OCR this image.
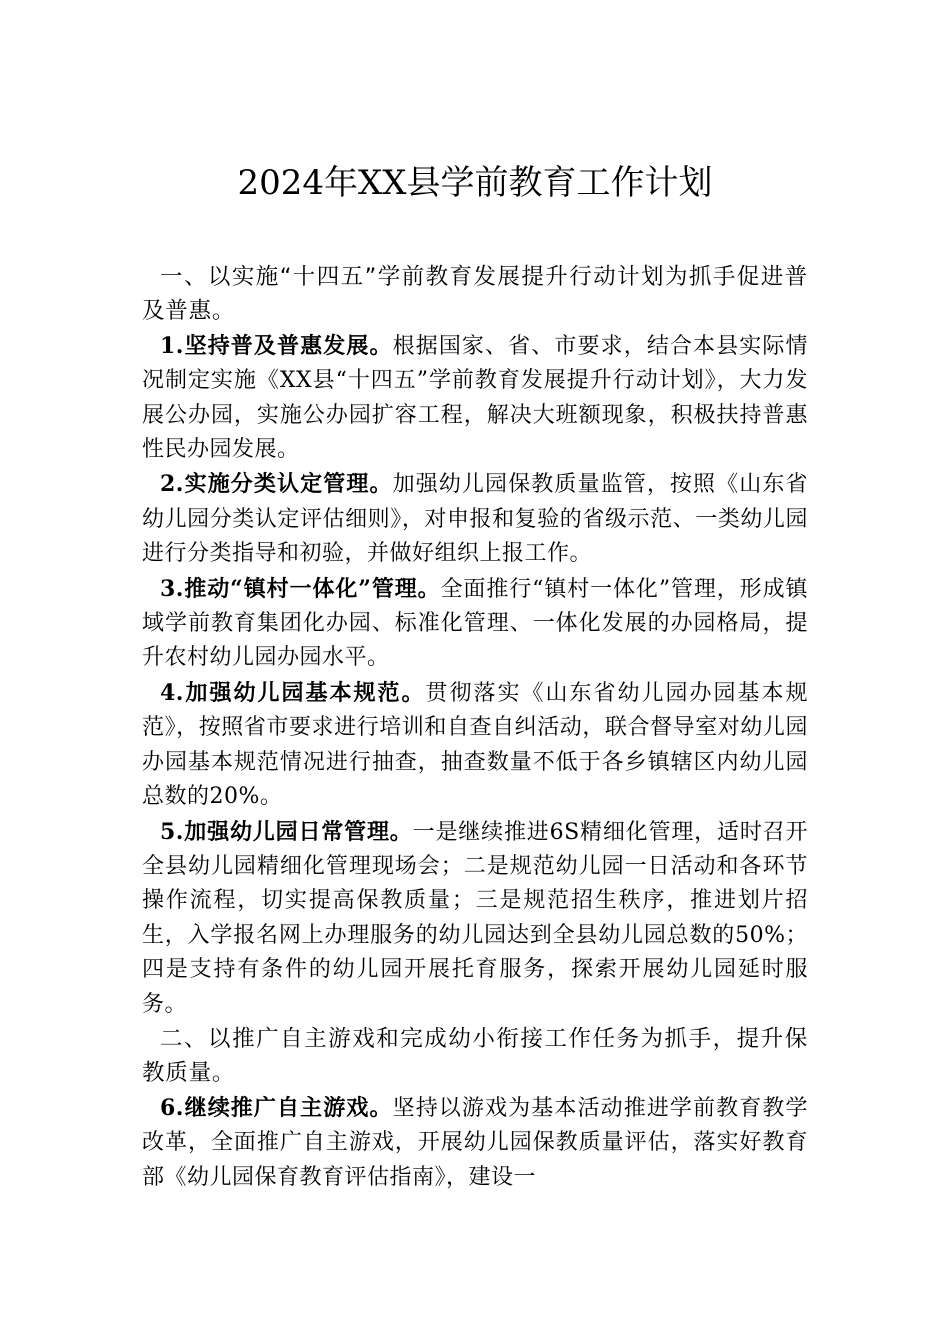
2024年XX县学前教育工作计划

一、以实施“十四五”学前教育发展提升行动计划为抓手促进普及普惠。

1.坚持普及普惠发展。根据国家、省、市要求，结合本县实际情况制定实施《XX县“十四五”学前教育发展提升行动计划》，大力发展公办园，实施公办园扩容工程，解决大班额现象，积极扶持普惠性民办园发展。

2.实施分类认定管理。加强幼儿园保教质量监管，按照《山东省幼儿园分类认定评估细则》，对申报和复验的省级示范、一类幼儿园进行分类指导和初验，并做好组织上报工作。

3.推动“镇村一体化”管理。全面推行“镇村一体化”管理，形成镇域学前教育集团化办园、标准化管理、一体化发展的办园格局，提升农村幼儿园办园水平。

4.加强幼儿园基本规范。贯彻落实《山东省幼儿园办园基本规范》，按照省市要求进行培训和自查自纠活动，联合督导室对幼儿园办园基本规范情况进行抽查，抽查数量不低于各乡镇辖区内幼儿园总数的20%。

5.加强幼儿园日常管理。一是继续推进6S精细化管理，适时召开全县幼儿园精细化管理现场会；二是规范幼儿园一日活动和各环节操作流程，切实提高保教质量；三是规范招生秩序，推进划片招生，入学报名网上办理服务的幼儿园达到全县幼儿园总数的50%；四是支持有条件的幼儿园开展托育服务，探索开展幼儿园延时服务。

二、以推广自主游戏和完成幼小衔接工作任务为抓手，提升保教质量。

6.继续推广自主游戏。坚持以游戏为基本活动推进学前教育教学改革，全面推广自主游戏，开展幼儿园保教质量评估，落实好教育部《幼儿园保育教育评估指南》，建设一
